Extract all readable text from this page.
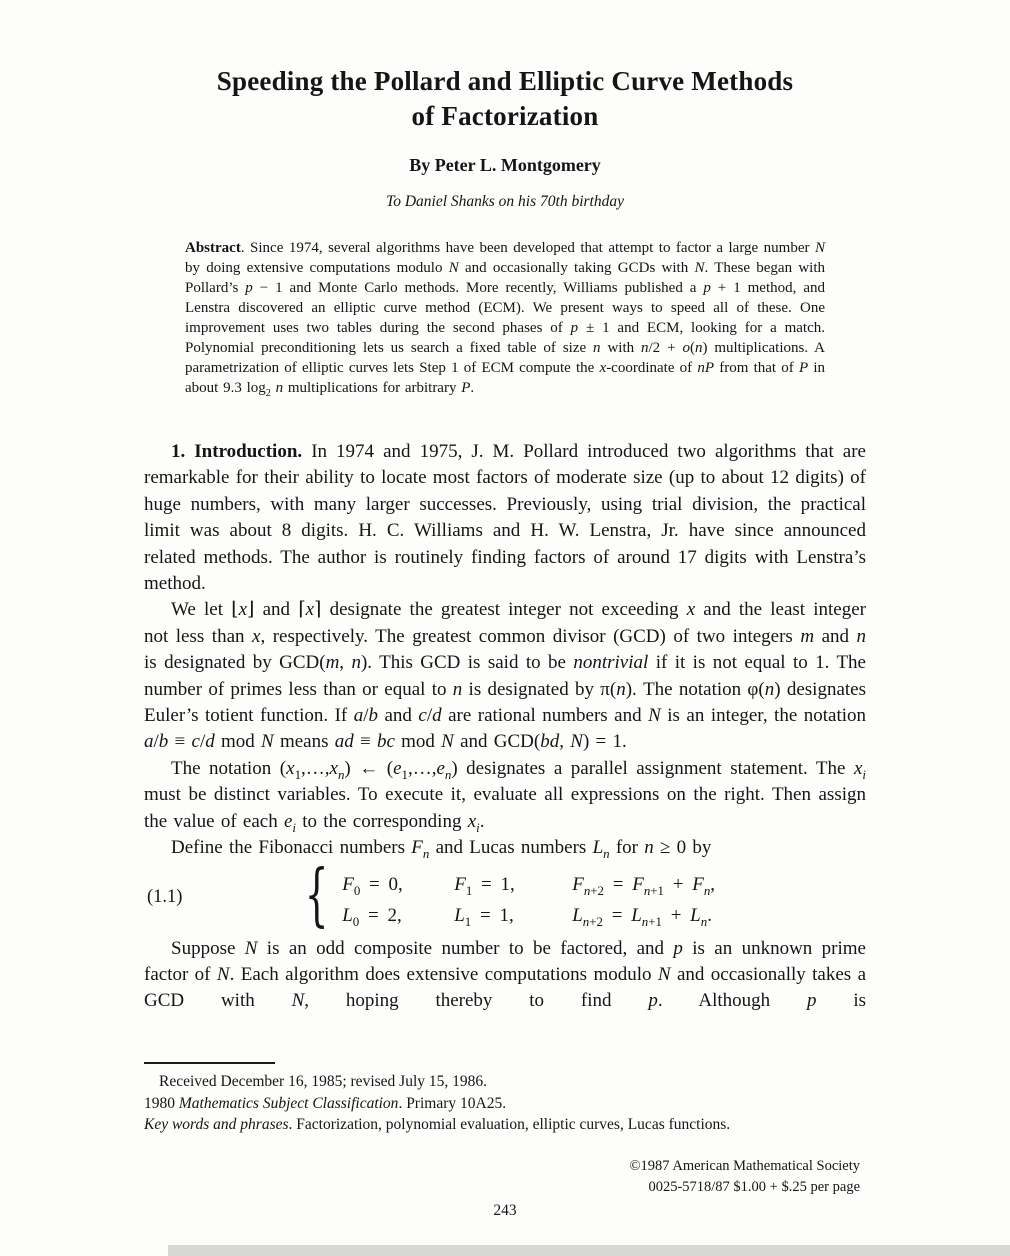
Speeding the Pollard and Elliptic Curve Methods
of Factorization
By Peter L. Montgomery
To Daniel Shanks on his 70th birthday
Abstract. Since 1974, several algorithms have been developed that attempt to factor a large number N by doing extensive computations modulo N and occasionally taking GCDs with N. These began with Pollard’s p − 1 and Monte Carlo methods. More recently, Williams published a p + 1 method, and Lenstra discovered an elliptic curve method (ECM). We present ways to speed all of these. One improvement uses two tables during the second phases of p ± 1 and ECM, looking for a match. Polynomial preconditioning lets us search a fixed table of size n with n/2 + o(n) multiplications. A parametrization of elliptic curves lets Step 1 of ECM compute the x-coordinate of nP from that of P in about 9.3 $\log_2 n$ multiplications for arbitrary P.

1. Introduction. In 1974 and 1975, J. M. Pollard introduced two algorithms that are remarkable for their ability to locate most factors of moderate size (up to about 12 digits) of huge numbers, with many larger successes. Previously, using trial division, the practical limit was about 8 digits. H. C. Williams and H. W. Lenstra, Jr. have since announced related methods. The author is routinely finding factors of around 17 digits with Lenstra’s method.

We let ⌊x⌋ and ⌈x⌉ designate the greatest integer not exceeding x and the least integer not less than x, respectively. The greatest common divisor (GCD) of two integers m and n is designated by GCD(m, n). This GCD is said to be nontrivial if it is not equal to 1. The number of primes less than or equal to n is designated by π(n). The notation φ(n) designates Euler’s totient function. If a/b and c/d are rational numbers and N is an integer, the notation a/b ≡ c/d mod N means ad ≡ bc mod N and GCD(bd, N) = 1.

The notation $(x_1,\dots,x_n)$ ← $(e_1,\dots,e_n)$ designates a parallel assignment statement. The $x_i$ must be distinct variables. To execute it, evaluate all expressions on the right. Then assign the value of each $e_i$ to the corresponding $x_i$.

Define the Fibonacci numbers $F_n$ and Lucas numbers $L_n$ for n ≥ 0 by

(1.1) { $F_0 = 0$,	$F_1 = 1$,	$F_{n+2} = F_{n+1} + F_n$,
$L_0 = 2$,	$L_1 = 1$,	$L_{n+2} = L_{n+1} + L_n$.

Suppose N is an odd composite number to be factored, and p is an unknown prime factor of N. Each algorithm does extensive computations modulo N and occasionally takes a GCD with N, hoping thereby to find p. Although p is

Received December 16, 1985; revised July 15, 1986.

1980 Mathematics Subject Classification. Primary 10A25.

Key words and phrases. Factorization, polynomial evaluation, elliptic curves, Lucas functions.

©1987 American Mathematical Society
0025-5718/87 $1.00 + $.25 per page
243
